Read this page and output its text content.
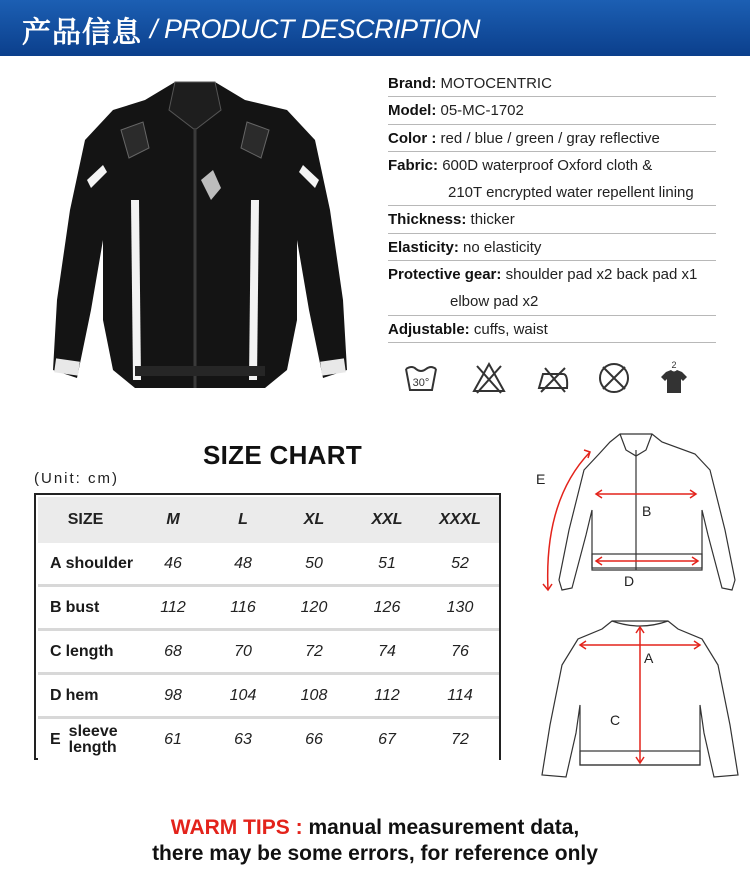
产品信息 / PRODUCT DESCRIPTION
Brand: MOTOCENTRIC
Model: 05-MC-1702
Color : red / blue / green / gray reflective
Fabric: 600D waterproof Oxford cloth &
210T encrypted water repellent lining
Thickness: thicker
Elasticity: no elasticity
Protective gear: shoulder pad x2 back pad x1
elbow pad x2
Adjustable: cuffs, waist
30°
2
SIZE CHART
(Unit: cm)
SIZE	M	L	XL	XXL	XXXL
A shoulder	46	48	50	51	52
B bust	112	116	120	126	130
C length	68	70	72	74	76
D hem	98	104	108	112	114
E sleeve
length	61	63	66	67	72
B
D
E
A
C
WARM TIPS : manual measurement data,
there may be some errors, for reference only
